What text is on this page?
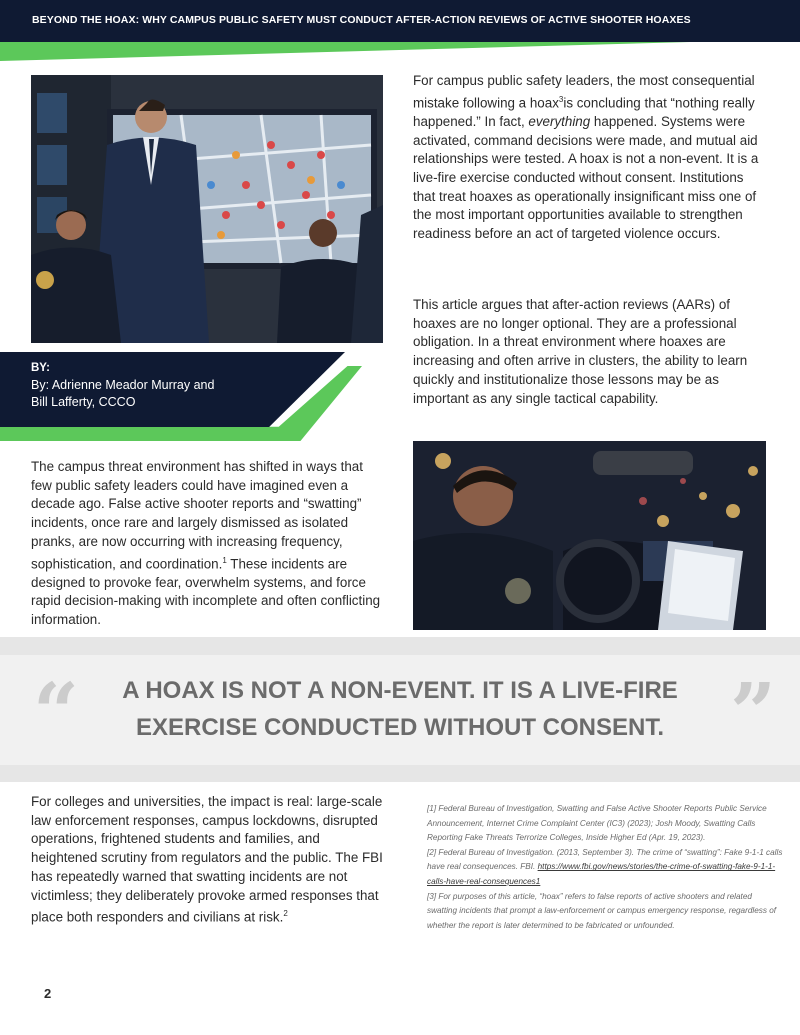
BEYOND THE HOAX: WHY CAMPUS PUBLIC SAFETY MUST CONDUCT AFTER-ACTION REVIEWS OF ACTIVE SHOOTER HOAXES
For campus public safety leaders, the most consequential mistake following a hoax$^3$is concluding that “nothing really happened.” In fact, everything happened. Systems were activated, command decisions were made, and mutual aid relationships were tested. A hoax is not a non-event. It is a live-fire exercise conducted without consent. Institutions that treat hoaxes as operationally insignificant miss one of the most important opportunities available to strengthen readiness before an act of targeted violence occurs.
This article argues that after-action reviews (AARs) of hoaxes are no longer optional. They are a professional obligation. In a threat environment where hoaxes are increasing and often arrive in clusters, the ability to learn quickly and institutionalize those lessons may be as important as any single tactical capability.
BY:
By: Adrienne Meador Murray and Bill Lafferty, CCCO
The campus threat environment has shifted in ways that few public safety leaders could have imagined even a decade ago. False active shooter reports and “swatting” incidents, once rare and largely dismissed as isolated pranks, are now occurring with increasing frequency, sophistication, and coordination.$^1$ These incidents are designed to provoke fear, overwhelm systems, and force rapid decision-making with incomplete and often conflicting information.
“	”
A HOAX IS NOT A NON-EVENT. IT IS A LIVE-FIRE EXERCISE CONDUCTED WITHOUT CONSENT.
For colleges and universities, the impact is real: large-scale law enforcement responses, campus lockdowns, disrupted operations, frightened students and families, and heightened scrutiny from regulators and the public. The FBI has repeatedly warned that swatting incidents are not victimless; they deliberately provoke armed responses that place both responders and civilians at risk.$^2$
[1] Federal Bureau of Investigation, Swatting and False Active Shooter Reports Public Service Announcement, Internet Crime Complaint Center (IC3) (2023); Josh Moody, Swatting Calls Reporting Fake Threats Terrorize Colleges, Inside Higher Ed (Apr. 19, 2023).
[2] Federal Bureau of Investigation. (2013, September 3). The crime of “swatting”: Fake 9-1-1 calls have real consequences. FBI. https://www.fbi.gov/news/stories/the-crime-of-swatting-fake-9-1-1-calls-have-real-consequences1
[3] For purposes of this article, “hoax” refers to false reports of active shooters and related swatting incidents that prompt a law-enforcement or campus emergency response, regardless of whether the report is later determined to be fabricated or unfounded.
2
